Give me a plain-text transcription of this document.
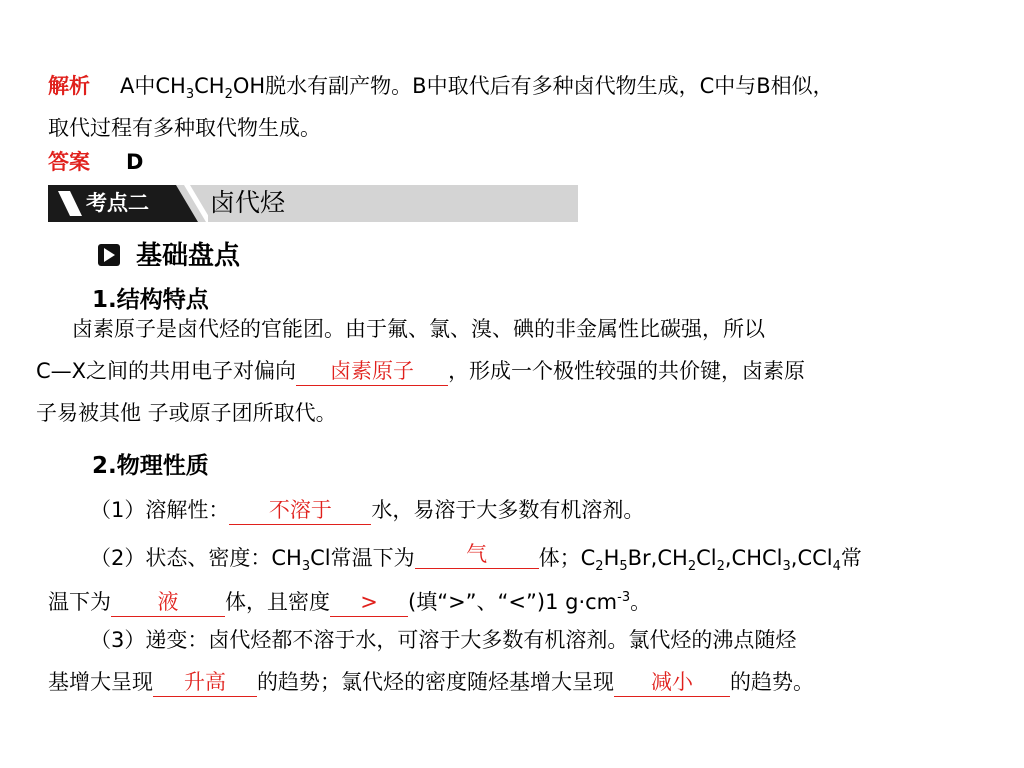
解析 A中$CH_3CH_2OH$脱水有副产物。B中取代后有多种卤代物生成，C中与B相似，
取代过程有多种取代物生成。
答案 D
考点二 卤代烃
基础盘点
1.结构特点
卤素原子是卤代烃的官能团。由于氟、氯、溴、碘的非金属性比碳强，所以
C—X之间的共用电子对偏向 卤素原子 ，形成一个极性较强的共价键，卤素原
子易被其他 子或原子团所取代。
2.物理性质
（1）溶解性： 不溶于 水，易溶于大多数有机溶剂。
（2）状态、密度：$CH_3Cl$常温下为 气 体；$C_2H_5Br,CH_2Cl_2,CHCl_3,CCl_4$常
温下为 液 体，且密度 > (填“>”、“<”)1 $g\cdot cm^{-3}$。
（3）递变：卤代烃都不溶于水，可溶于大多数有机溶剂。氯代烃的沸点随烃
基增大呈现 升高 的趋势；氯代烃的密度随烃基增大呈现 减小 的趋势。
